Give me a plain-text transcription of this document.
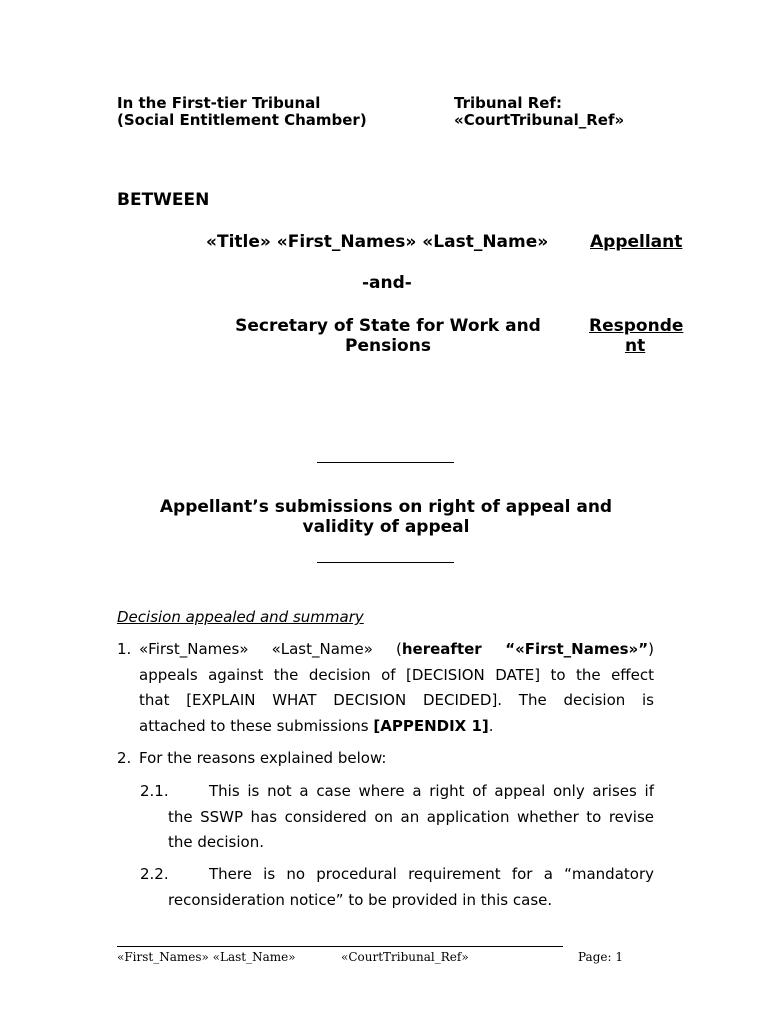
In the First-tier Tribunal
(Social Entitlement Chamber)
Tribunal Ref:
«CourtTribunal_Ref»
BETWEEN
«Title» «First_Names» «Last_Name» Appellant
-and-
Secretary of State for Work and
Pensions
Responde
nt
Appellant’s submissions on right of appeal and
validity of appeal
Decision appealed and summary
1. «First_Names» «Last_Name» (hereafter “«First_Names»”)
appeals against the decision of [DECISION DATE] to the effect
that [EXPLAIN WHAT DECISION DECIDED]. The decision is
attached to these submissions [APPENDIX 1].
2. For the reasons explained below:
2.1.	This is not a case where a right of appeal only arises if
the SSWP has considered on an application whether to revise
the decision.
2.2.	There is no procedural requirement for a “mandatory
reconsideration notice” to be provided in this case.
«First_Names» «Last_Name»	«CourtTribunal_Ref»	Page: 1
